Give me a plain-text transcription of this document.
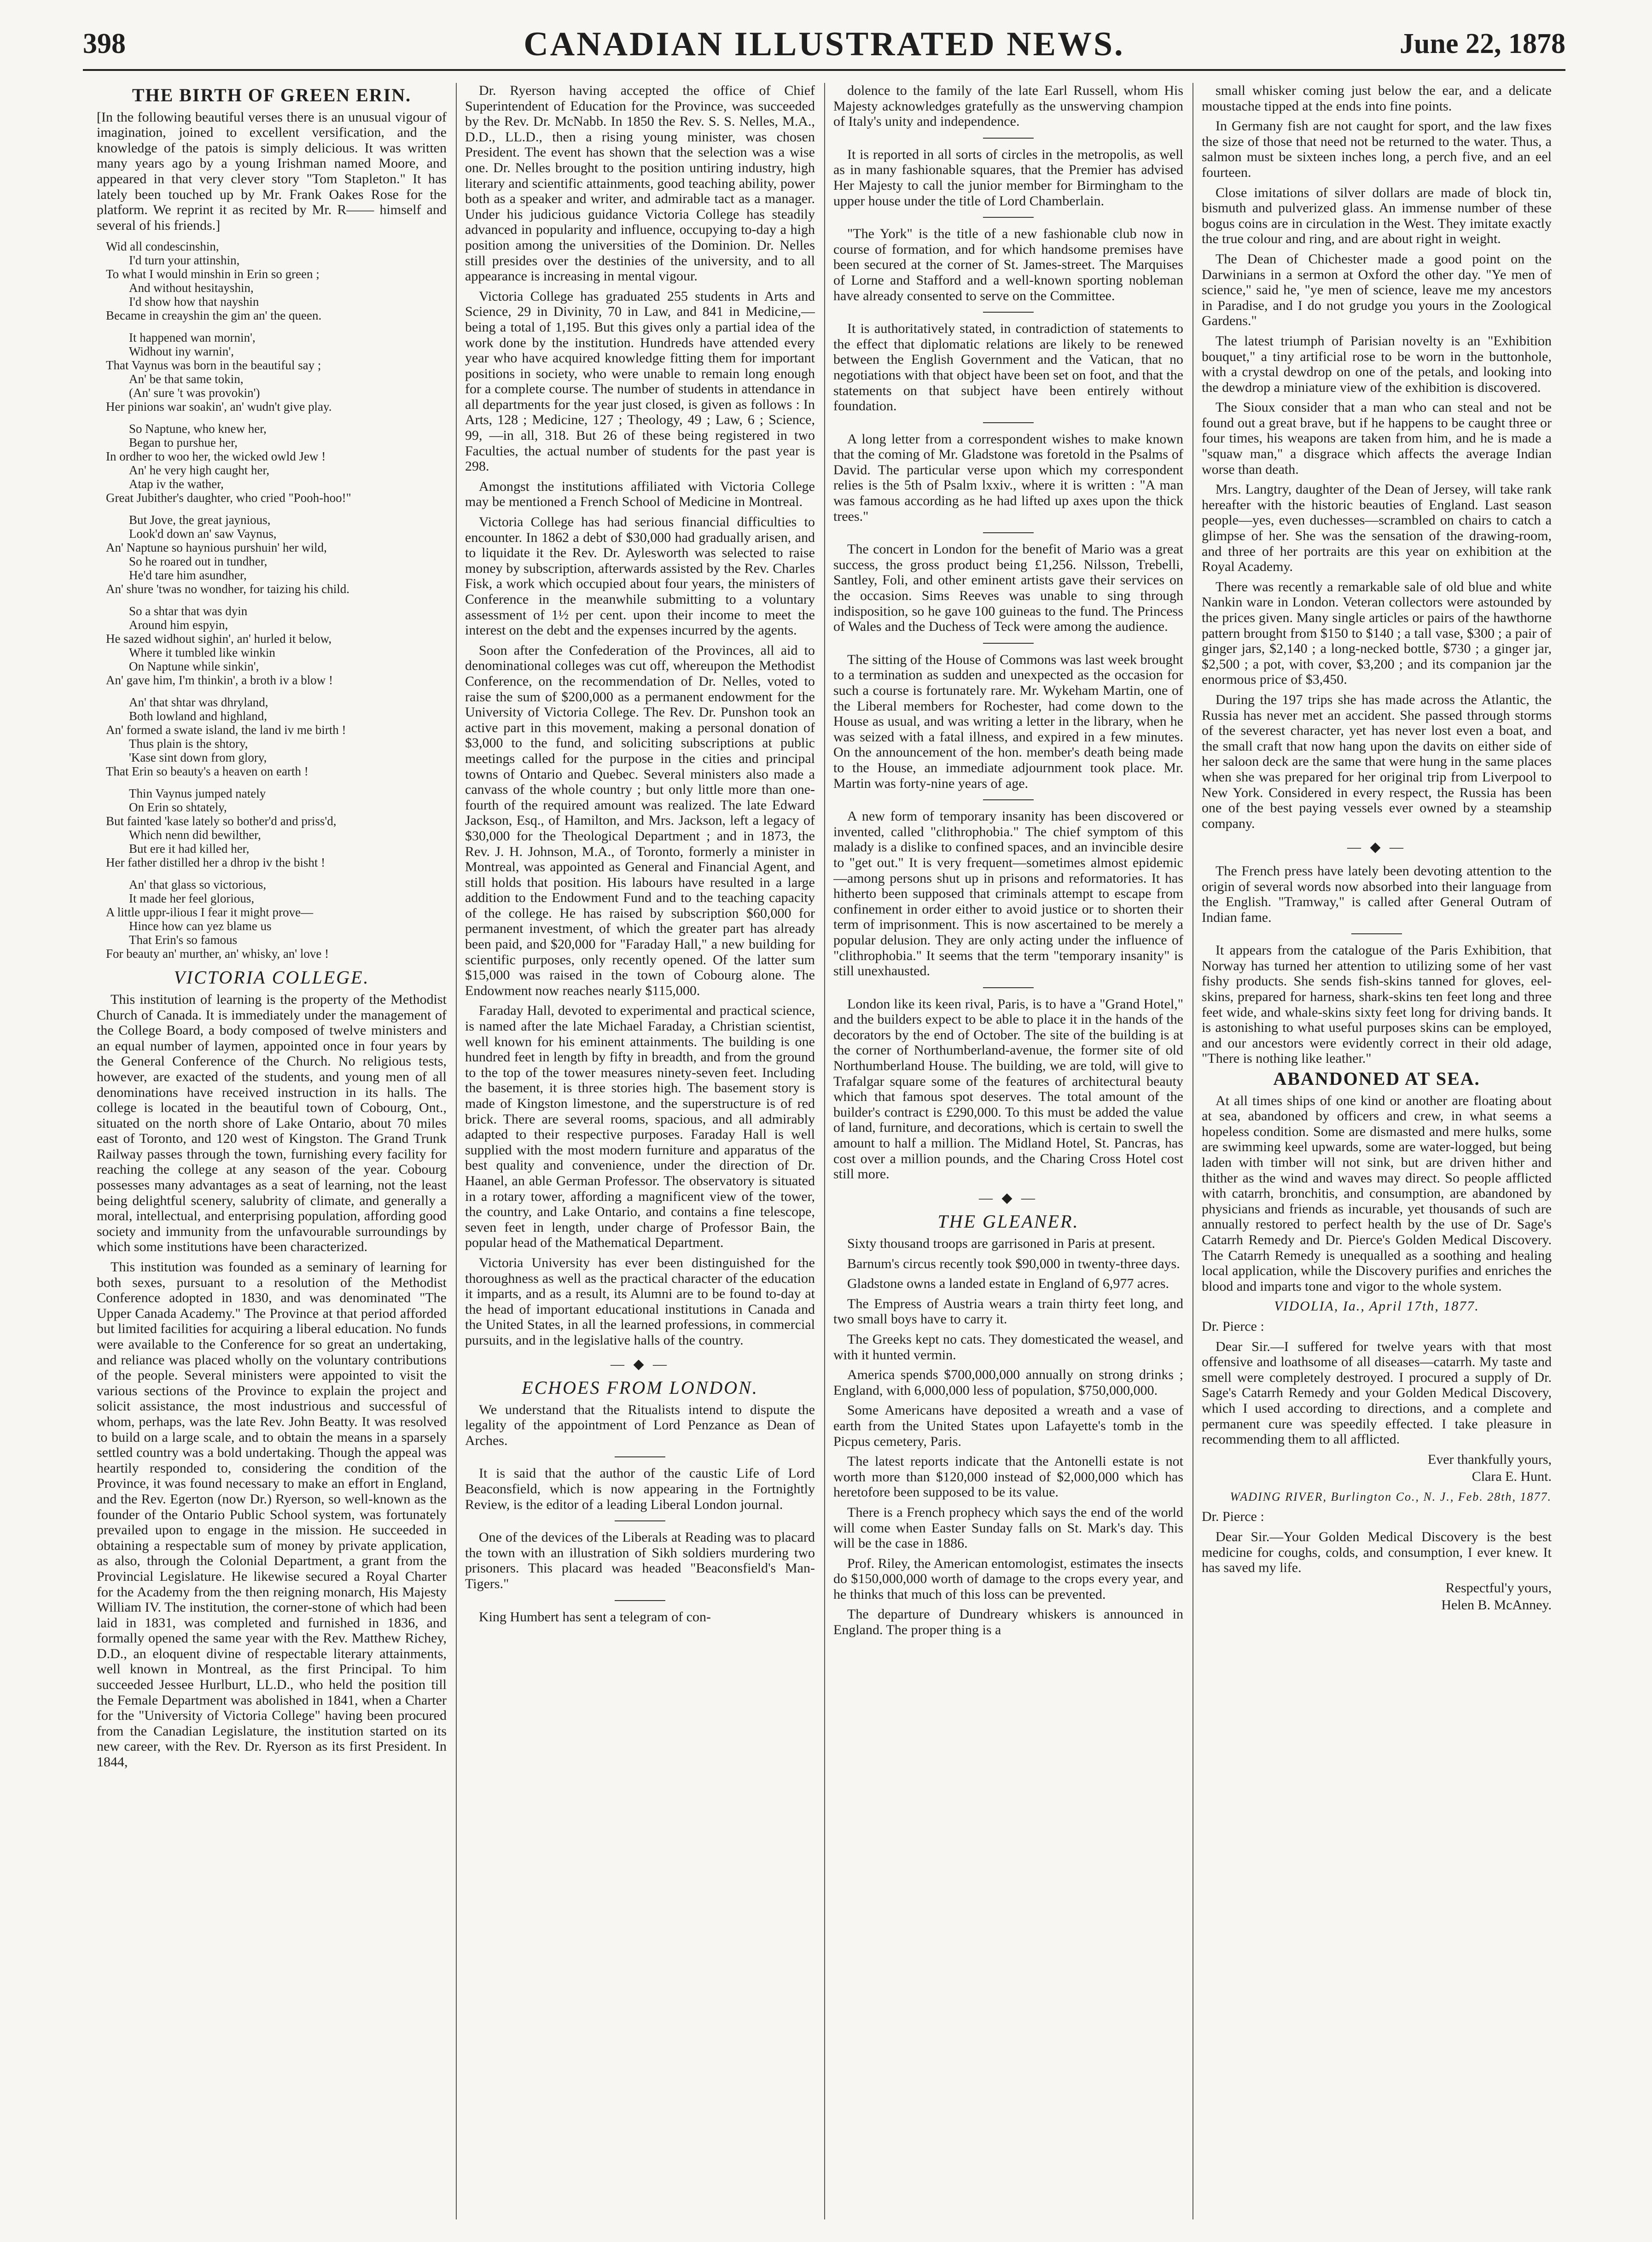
398	CANADIAN ILLUSTRATED NEWS.	June 22, 1878
THE BIRTH OF GREEN ERIN.

[In the following beautiful verses there is an unusual vigour of imagination, joined to excellent versification, and the knowledge of the patois is simply delicious. It was written many years ago by a young Irishman named Moore, and appeared in that very clever story "Tom Stapleton." It has lately been touched up by Mr. Frank Oakes Rose for the platform. We reprint it as recited by Mr. R—— himself and several of his friends.]

Wid all condescinshin,
I'd turn your attinshin,
To what I would minshin in Erin so green ;
And without hesitayshin,
I'd show how that nayshin
Became in creayshin the gim an' the queen.
It happened wan mornin',
Widhout iny warnin',
That Vaynus was born in the beautiful say ;
An' be that same tokin,
(An' sure 't was provokin')
Her pinions war soakin', an' wudn't give play.
So Naptune, who knew her,
Began to purshue her,
In ordher to woo her, the wicked owld Jew !
An' he very high caught her,
Atap iv the wather,
Great Jubither's daughter, who cried "Pooh-hoo!"
But Jove, the great jaynious,
Look'd down an' saw Vaynus,
An' Naptune so haynious purshuin' her wild,
So he roared out in tundher,
He'd tare him asundher,
An' shure 'twas no wondher, for taizing his child.
So a shtar that was dyin
Around him espyin,
He sazed widhout sighin', an' hurled it below,
Where it tumbled like winkin
On Naptune while sinkin',
An' gave him, I'm thinkin', a broth iv a blow !
An' that shtar was dhryland,
Both lowland and highland,
An' formed a swate island, the land iv me birth !
Thus plain is the shtory,
'Kase sint down from glory,
That Erin so beauty's a heaven on earth !
Thin Vaynus jumped nately
On Erin so shtately,
But fainted 'kase lately so bother'd and priss'd,
Which nenn did bewilther,
But ere it had killed her,
Her father distilled her a dhrop iv the bisht !
An' that glass so victorious,
It made her feel glorious,
A little uppr-ilious I fear it might prove—
Hince how can yez blame us
That Erin's so famous
For beauty an' murther, an' whisky, an' love !
VICTORIA COLLEGE.

This institution of learning is the property of the Methodist Church of Canada. It is immediately under the management of the College Board, a body composed of twelve ministers and an equal number of laymen, appointed once in four years by the General Conference of the Church. No religious tests, however, are exacted of the students, and young men of all denominations have received instruction in its halls. The college is located in the beautiful town of Cobourg, Ont., situated on the north shore of Lake Ontario, about 70 miles east of Toronto, and 120 west of Kingston. The Grand Trunk Railway passes through the town, furnishing every facility for reaching the college at any season of the year. Cobourg possesses many advantages as a seat of learning, not the least being delightful scenery, salubrity of climate, and generally a moral, intellectual, and enterprising population, affording good society and immunity from the unfavourable surroundings by which some institutions have been characterized.

This institution was founded as a seminary of learning for both sexes, pursuant to a resolution of the Methodist Conference adopted in 1830, and was denominated "The Upper Canada Academy." The Province at that period afforded but limited facilities for acquiring a liberal education. No funds were available to the Conference for so great an undertaking, and reliance was placed wholly on the voluntary contributions of the people. Several ministers were appointed to visit the various sections of the Province to explain the project and solicit assistance, the most industrious and successful of whom, perhaps, was the late Rev. John Beatty. It was resolved to build on a large scale, and to obtain the means in a sparsely settled country was a bold undertaking. Though the appeal was heartily responded to, considering the condition of the Province, it was found necessary to make an effort in England, and the Rev. Egerton (now Dr.) Ryerson, so well-known as the founder of the Ontario Public School system, was fortunately prevailed upon to engage in the mission. He succeeded in obtaining a respectable sum of money by private application, as also, through the Colonial Department, a grant from the Provincial Legislature. He likewise secured a Royal Charter for the Academy from the then reigning monarch, His Majesty William IV. The institution, the corner-stone of which had been laid in 1831, was completed and furnished in 1836, and formally opened the same year with the Rev. Matthew Richey, D.D., an eloquent divine of respectable literary attainments, well known in Montreal, as the first Principal. To him succeeded Jessee Hurlburt, LL.D., who held the position till the Female Department was abolished in 1841, when a Charter for the "University of Victoria College" having been procured from the Canadian Legislature, the institution started on its new career, with the Rev. Dr. Ryerson as its first President. In 1844,

Dr. Ryerson having accepted the office of Chief Superintendent of Education for the Province, was succeeded by the Rev. Dr. McNabb. In 1850 the Rev. S. S. Nelles, M.A., D.D., LL.D., then a rising young minister, was chosen President. The event has shown that the selection was a wise one. Dr. Nelles brought to the position untiring industry, high literary and scientific attainments, good teaching ability, power both as a speaker and writer, and admirable tact as a manager. Under his judicious guidance Victoria College has steadily advanced in popularity and influence, occupying to-day a high position among the universities of the Dominion. Dr. Nelles still presides over the destinies of the university, and to all appearance is increasing in mental vigour.

Victoria College has graduated 255 students in Arts and Science, 29 in Divinity, 70 in Law, and 841 in Medicine,—being a total of 1,195. But this gives only a partial idea of the work done by the institution. Hundreds have attended every year who have acquired knowledge fitting them for important positions in society, who were unable to remain long enough for a complete course. The number of students in attendance in all departments for the year just closed, is given as follows : In Arts, 128 ; Medicine, 127 ; Theology, 49 ; Law, 6 ; Science, 99, —in all, 318. But 26 of these being registered in two Faculties, the actual number of students for the past year is 298.

Amongst the institutions affiliated with Victoria College may be mentioned a French School of Medicine in Montreal.

Victoria College has had serious financial difficulties to encounter. In 1862 a debt of $30,000 had gradually arisen, and to liquidate it the Rev. Dr. Aylesworth was selected to raise money by subscription, afterwards assisted by the Rev. Charles Fisk, a work which occupied about four years, the ministers of Conference in the meanwhile submitting to a voluntary assessment of 1½ per cent. upon their income to meet the interest on the debt and the expenses incurred by the agents.

Soon after the Confederation of the Provinces, all aid to denominational colleges was cut off, whereupon the Methodist Conference, on the recommendation of Dr. Nelles, voted to raise the sum of $200,000 as a permanent endowment for the University of Victoria College. The Rev. Dr. Punshon took an active part in this movement, making a personal donation of $3,000 to the fund, and soliciting subscriptions at public meetings called for the purpose in the cities and principal towns of Ontario and Quebec. Several ministers also made a canvass of the whole country ; but only little more than one-fourth of the required amount was realized. The late Edward Jackson, Esq., of Hamilton, and Mrs. Jackson, left a legacy of $30,000 for the Theological Department ; and in 1873, the Rev. J. H. Johnson, M.A., of Toronto, formerly a minister in Montreal, was appointed as General and Financial Agent, and still holds that position. His labours have resulted in a large addition to the Endowment Fund and to the teaching capacity of the college. He has raised by subscription $60,000 for permanent investment, of which the greater part has already been paid, and $20,000 for "Faraday Hall," a new building for scientific purposes, only recently opened. Of the latter sum $15,000 was raised in the town of Cobourg alone. The Endowment now reaches nearly $115,000.

Faraday Hall, devoted to experimental and practical science, is named after the late Michael Faraday, a Christian scientist, well known for his eminent attainments. The building is one hundred feet in length by fifty in breadth, and from the ground to the top of the tower measures ninety-seven feet. Including the basement, it is three stories high. The basement story is made of Kingston limestone, and the superstructure is of red brick. There are several rooms, spacious, and all admirably adapted to their respective purposes. Faraday Hall is well supplied with the most modern furniture and apparatus of the best quality and convenience, under the direction of Dr. Haanel, an able German Professor. The observatory is situated in a rotary tower, affording a magnificent view of the tower, the country, and Lake Ontario, and contains a fine telescope, seven feet in length, under charge of Professor Bain, the popular head of the Mathematical Department.

Victoria University has ever been distinguished for the thoroughness as well as the practical character of the education it imparts, and as a result, its Alumni are to be found to-day at the head of important educational institutions in Canada and the United States, in all the learned professions, in commercial pursuits, and in the legislative halls of the country.

— ◆ —
ECHOES FROM LONDON.

We understand that the Ritualists intend to dispute the legality of the appointment of Lord Penzance as Dean of Arches.

It is said that the author of the caustic Life of Lord Beaconsfield, which is now appearing in the Fortnightly Review, is the editor of a leading Liberal London journal.

One of the devices of the Liberals at Reading was to placard the town with an illustration of Sikh soldiers murdering two prisoners. This placard was headed "Beaconsfield's Man-Tigers."

King Humbert has sent a telegram of con-

dolence to the family of the late Earl Russell, whom His Majesty acknowledges gratefully as the unswerving champion of Italy's unity and independence.

It is reported in all sorts of circles in the metropolis, as well as in many fashionable squares, that the Premier has advised Her Majesty to call the junior member for Birmingham to the upper house under the title of Lord Chamberlain.

"The York" is the title of a new fashionable club now in course of formation, and for which handsome premises have been secured at the corner of St. James-street. The Marquises of Lorne and Stafford and a well-known sporting nobleman have already consented to serve on the Committee.

It is authoritatively stated, in contradiction of statements to the effect that diplomatic relations are likely to be renewed between the English Government and the Vatican, that no negotiations with that object have been set on foot, and that the statements on that subject have been entirely without foundation.

A long letter from a correspondent wishes to make known that the coming of Mr. Gladstone was foretold in the Psalms of David. The particular verse upon which my correspondent relies is the 5th of Psalm lxxiv., where it is written : "A man was famous according as he had lifted up axes upon the thick trees."

The concert in London for the benefit of Mario was a great success, the gross product being £1,256. Nilsson, Trebelli, Santley, Foli, and other eminent artists gave their services on the occasion. Sims Reeves was unable to sing through indisposition, so he gave 100 guineas to the fund. The Princess of Wales and the Duchess of Teck were among the audience.

The sitting of the House of Commons was last week brought to a termination as sudden and unexpected as the occasion for such a course is fortunately rare. Mr. Wykeham Martin, one of the Liberal members for Rochester, had come down to the House as usual, and was writing a letter in the library, when he was seized with a fatal illness, and expired in a few minutes. On the announcement of the hon. member's death being made to the House, an immediate adjournment took place. Mr. Martin was forty-nine years of age.

A new form of temporary insanity has been discovered or invented, called "clithrophobia." The chief symptom of this malady is a dislike to confined spaces, and an invincible desire to "get out." It is very frequent—sometimes almost epidemic—among persons shut up in prisons and reformatories. It has hitherto been supposed that criminals attempt to escape from confinement in order either to avoid justice or to shorten their term of imprisonment. This is now ascertained to be merely a popular delusion. They are only acting under the influence of "clithrophobia." It seems that the term "temporary insanity" is still unexhausted.

London like its keen rival, Paris, is to have a "Grand Hotel," and the builders expect to be able to place it in the hands of the decorators by the end of October. The site of the building is at the corner of Northumberland-avenue, the former site of old Northumberland House. The building, we are told, will give to Trafalgar square some of the features of architectural beauty which that famous spot deserves. The total amount of the builder's contract is £290,000. To this must be added the value of land, furniture, and decorations, which is certain to swell the amount to half a million. The Midland Hotel, St. Pancras, has cost over a million pounds, and the Charing Cross Hotel cost still more.

— ◆ —
THE GLEANER.

Sixty thousand troops are garrisoned in Paris at present.

Barnum's circus recently took $90,000 in twenty-three days.

Gladstone owns a landed estate in England of 6,977 acres.

The Empress of Austria wears a train thirty feet long, and two small boys have to carry it.

The Greeks kept no cats. They domesticated the weasel, and with it hunted vermin.

America spends $700,000,000 annually on strong drinks ; England, with 6,000,000 less of population, $750,000,000.

Some Americans have deposited a wreath and a vase of earth from the United States upon Lafayette's tomb in the Picpus cemetery, Paris.

The latest reports indicate that the Antonelli estate is not worth more than $120,000 instead of $2,000,000 which has heretofore been supposed to be its value.

There is a French prophecy which says the end of the world will come when Easter Sunday falls on St. Mark's day. This will be the case in 1886.

Prof. Riley, the American entomologist, estimates the insects do $150,000,000 worth of damage to the crops every year, and he thinks that much of this loss can be prevented.

The departure of Dundreary whiskers is announced in England. The proper thing is a

small whisker coming just below the ear, and a delicate moustache tipped at the ends into fine points.

In Germany fish are not caught for sport, and the law fixes the size of those that need not be returned to the water. Thus, a salmon must be sixteen inches long, a perch five, and an eel fourteen.

Close imitations of silver dollars are made of block tin, bismuth and pulverized glass. An immense number of these bogus coins are in circulation in the West. They imitate exactly the true colour and ring, and are about right in weight.

The Dean of Chichester made a good point on the Darwinians in a sermon at Oxford the other day. "Ye men of science," said he, "ye men of science, leave me my ancestors in Paradise, and I do not grudge you yours in the Zoological Gardens."

The latest triumph of Parisian novelty is an "Exhibition bouquet," a tiny artificial rose to be worn in the buttonhole, with a crystal dewdrop on one of the petals, and looking into the dewdrop a miniature view of the exhibition is discovered.

The Sioux consider that a man who can steal and not be found out a great brave, but if he happens to be caught three or four times, his weapons are taken from him, and he is made a "squaw man," a disgrace which affects the average Indian worse than death.

Mrs. Langtry, daughter of the Dean of Jersey, will take rank hereafter with the historic beauties of England. Last season people—yes, even duchesses—scrambled on chairs to catch a glimpse of her. She was the sensation of the drawing-room, and three of her portraits are this year on exhibition at the Royal Academy.

There was recently a remarkable sale of old blue and white Nankin ware in London. Veteran collectors were astounded by the prices given. Many single articles or pairs of the hawthorne pattern brought from $150 to $140 ; a tall vase, $300 ; a pair of ginger jars, $2,140 ; a long-necked bottle, $730 ; a ginger jar, $2,500 ; a pot, with cover, $3,200 ; and its companion jar the enormous price of $3,450.

During the 197 trips she has made across the Atlantic, the Russia has never met an accident. She passed through storms of the severest character, yet has never lost even a boat, and the small craft that now hang upon the davits on either side of her saloon deck are the same that were hung in the same places when she was prepared for her original trip from Liverpool to New York. Considered in every respect, the Russia has been one of the best paying vessels ever owned by a steamship company.

— ◆ —

The French press have lately been devoting attention to the origin of several words now absorbed into their language from the English. "Tramway," is called after General Outram of Indian fame.

It appears from the catalogue of the Paris Exhibition, that Norway has turned her attention to utilizing some of her vast fishy products. She sends fish-skins tanned for gloves, eel-skins, prepared for harness, shark-skins ten feet long and three feet wide, and whale-skins sixty feet long for driving bands. It is astonishing to what useful purposes skins can be employed, and our ancestors were evidently correct in their old adage, "There is nothing like leather."

ABANDONED AT SEA.

At all times ships of one kind or another are floating about at sea, abandoned by officers and crew, in what seems a hopeless condition. Some are dismasted and mere hulks, some are swimming keel upwards, some are water-logged, but being laden with timber will not sink, but are driven hither and thither as the wind and waves may direct. So people afflicted with catarrh, bronchitis, and consumption, are abandoned by physicians and friends as incurable, yet thousands of such are annually restored to perfect health by the use of Dr. Sage's Catarrh Remedy and Dr. Pierce's Golden Medical Discovery. The Catarrh Remedy is unequalled as a soothing and healing local application, while the Discovery purifies and enriches the blood and imparts tone and vigor to the whole system.

VIDOLIA, Ia., April 17th, 1877.

Dr. Pierce :

Dear Sir.—I suffered for twelve years with that most offensive and loathsome of all diseases—catarrh. My taste and smell were completely destroyed. I procured a supply of Dr. Sage's Catarrh Remedy and your Golden Medical Discovery, which I used according to directions, and a complete and permanent cure was speedily effected. I take pleasure in recommending them to all afflicted.

Ever thankfully yours,
Clara E. Hunt.
WADING RIVER, Burlington Co., N. J., Feb. 28th, 1877.

Dr. Pierce :

Dear Sir.—Your Golden Medical Discovery is the best medicine for coughs, colds, and consumption, I ever knew. It has saved my life.

Respectful'y yours,
Helen B. McAnney.
